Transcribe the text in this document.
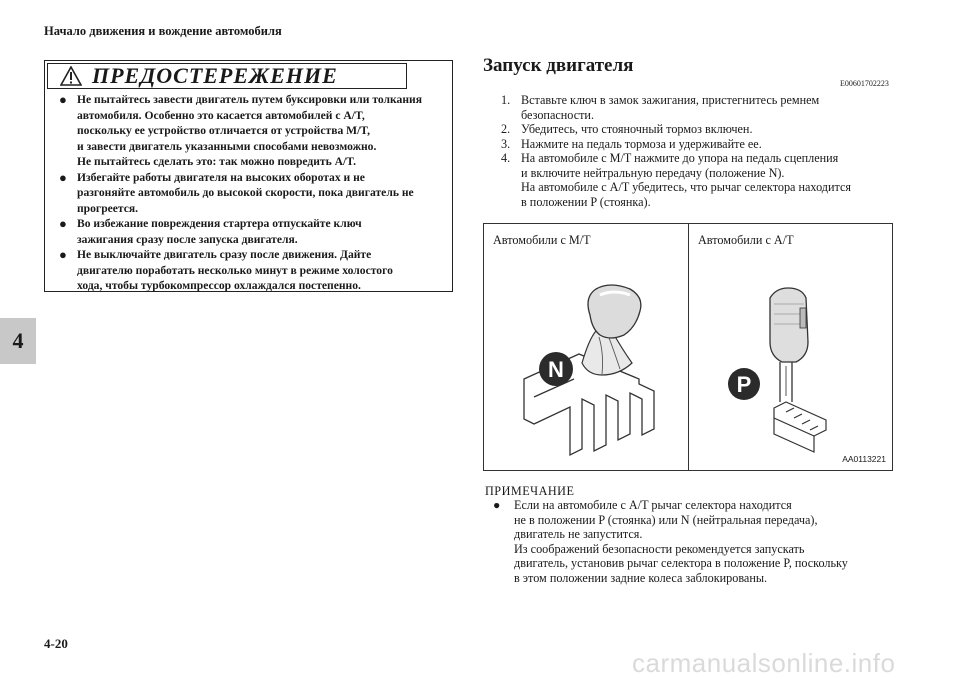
Начало движения и вождение автомобиля
4
ПРЕДОСТЕРЕЖЕНИЕ
● Не пытайтесь завести двигатель путем буксировки или толкания
автомобиля. Особенно это касается автомобилей с A/T,
поскольку ее устройство отличается от устройства M/T,
и завести двигатель указанными способами невозможно.
Не пытайтесь сделать это: так можно повредить A/T.
● Избегайте работы двигателя на высоких оборотах и не
разгоняйте автомобиль до высокой скорости, пока двигатель не
прогреется.
● Во избежание повреждения стартера отпускайте ключ
зажигания сразу после запуска двигателя.
● Не выключайте двигатель сразу после движения. Дайте
двигателю поработать несколько минут в режиме холостого
хода, чтобы турбокомпрессор охлаждался постепенно.
Запуск двигателя
E00601702223
1. Вставьте ключ в замок зажигания, пристегнитесь ремнем
безопасности.
2. Убедитесь, что стояночный тормоз включен.
3. Нажмите на педаль тормоза и удерживайте ее.
4. На автомобиле с M/T нажмите до упора на педаль сцепления
и включите нейтральную передачу (положение N).
На автомобиле с A/T убедитесь, что рычаг селектора находится
в положении P (стоянка).
Автомобили с M/T	Автомобили с A/T
N
P
AA0113221
ПРИМЕЧАНИЕ
● Если на автомобиле с A/T рычаг селектора находится
не в положении P (стоянка) или N (нейтральная передача),
двигатель не запустится.
Из соображений безопасности рекомендуется запускать
двигатель, установив рычаг селектора в положение P, поскольку
в этом положении задние колеса заблокированы.
4-20
carmanualsonline.info
